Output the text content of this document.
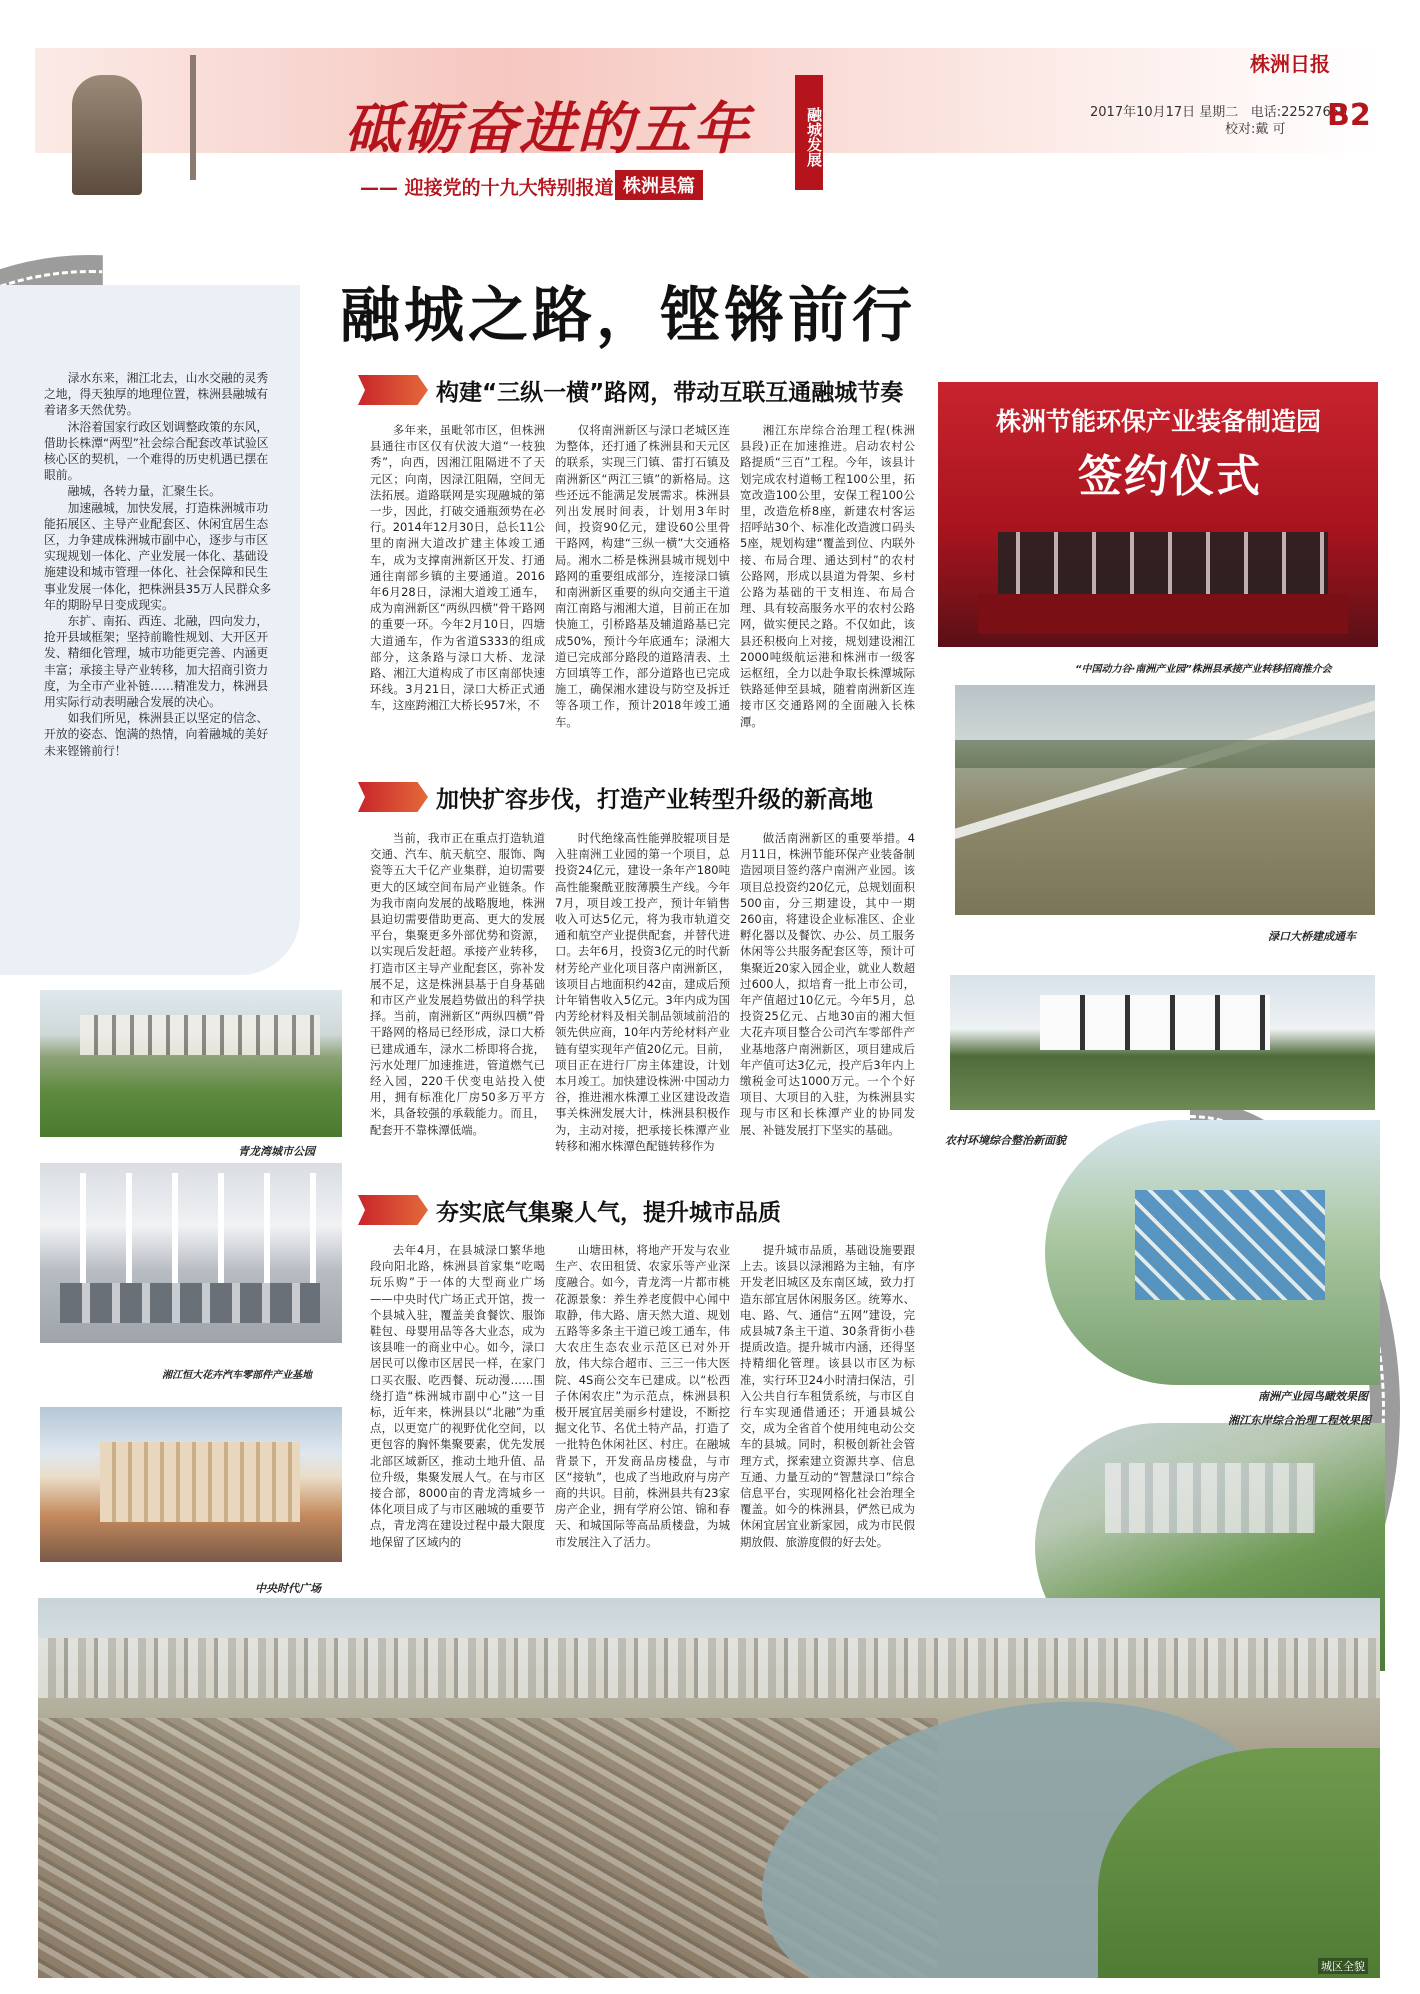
砥砺奋进的五年
—— 迎接党的十九大特别报道 株洲县篇
融城发展
株洲日报
2017年10月17日 星期二 电话:22527655
校对:戴 可 B2
融城之路，铿锵前行

渌水东来，湘江北去，山水交融的灵秀之地，得天独厚的地理位置，株洲县融城有着诸多天然优势。

沐浴着国家行政区划调整政策的东风，借助长株潭“两型”社会综合配套改革试验区核心区的契机，一个难得的历史机遇已摆在眼前。

融城，各转力量，汇聚生长。

加速融城，加快发展，打造株洲城市功能拓展区、主导产业配套区、休闲宜居生态区，力争建成株洲城市副中心，逐步与市区实现规划一体化、产业发展一体化、基础设施建设和城市管理一体化、社会保障和民生事业发展一体化，把株洲县35万人民群众多年的期盼早日变成现实。

东扩、南拓、西连、北融，四向发力，抢开县域框架；坚持前瞻性规划、大开区开发、精细化管理，城市功能更完善、内涵更丰富；承接主导产业转移，加大招商引资力度，为全市产业补链……精准发力，株洲县用实际行动表明融合发展的决心。

如我们所见，株洲县正以坚定的信念、开放的姿态、饱满的热情，向着融城的美好未来铿锵前行！

构建“三纵一横”路网，带动互联互通融城节奏

多年来，虽毗邻市区，但株洲县通往市区仅有伏波大道“一枝独秀”，向西，因湘江阻隔进不了天元区；向南，因渌江阻隔，空间无法拓展。道路联网是实现融城的第一步，因此，打破交通瓶颈势在必行。2014年12月30日，总长11公里的南洲大道改扩建主体竣工通车，成为支撑南洲新区开发、打通通往南部乡镇的主要通道。2016年6月28日，渌湘大道竣工通车，成为南洲新区“两纵四横”骨干路网的重要一环。今年2月10日，四塘大道通车，作为省道S333的组成部分，这条路与渌口大桥、龙渌路、湘江大道构成了市区南部快速环线。3月21日，渌口大桥正式通车，这座跨湘江大桥长957米，不

仅将南洲新区与渌口老城区连为整体，还打通了株洲县和天元区的联系，实现三门镇、雷打石镇及南洲新区“两江三镇”的新格局。这些还远不能满足发展需求。株洲县列出发展时间表，计划用3年时间，投资90亿元，建设60公里骨干路网，构建“三纵一横”大交通格局。湘水二桥是株洲县城市规划中路网的重要组成部分，连接渌口镇和南洲新区重要的纵向交通主干道南江南路与湘湘大道，目前正在加快施工，引桥路基及辅道路基已完成50%，预计今年底通车；渌湘大道已完成部分路段的道路清表、土方回填等工作，部分道路也已完成施工，确保湘水建设与防空及拆迁等各项工作，预计2018年竣工通车。

湘江东岸综合治理工程(株洲县段)正在加速推进。启动农村公路提质“三百”工程。今年，该县计划完成农村道畅工程100公里，拓宽改造100公里，安保工程100公里，改造危桥8座，新建农村客运招呼站30个、标准化改造渡口码头5座，规划构建“覆盖到位、内联外接、布局合理、通达到村”的农村公路网，形成以县道为骨架、乡村公路为基础的干支相连、布局合理、具有较高服务水平的农村公路网，做实便民之路。不仅如此，该县还积极向上对接，规划建设湘江2000吨级航运港和株洲市一级客运枢纽，全力以赴争取长株潭城际铁路延伸至县城，随着南洲新区连接市区交通路网的全面融入长株潭。

加快扩容步伐，打造产业转型升级的新高地

当前，我市正在重点打造轨道交通、汽车、航天航空、服饰、陶瓷等五大千亿产业集群，迫切需要更大的区域空间布局产业链条。作为我市南向发展的战略腹地，株洲县迫切需要借助更高、更大的发展平台，集聚更多外部优势和资源，以实现后发赶超。承接产业转移，打造市区主导产业配套区，弥补发展不足，这是株洲县基于自身基础和市区产业发展趋势做出的科学抉择。当前，南洲新区“两纵四横”骨干路网的格局已经形成，渌口大桥已建成通车，渌水二桥即将合拢，污水处理厂加速推进，管道燃气已经入园，220千伏变电站投入使用，拥有标准化厂房50多万平方米，具备较强的承载能力。而且，配套开不靠株潭低端。

时代绝缘高性能弹胶辊项目是入驻南洲工业园的第一个项目，总投资24亿元，建设一条年产180吨高性能聚酰亚胺薄膜生产线。今年7月，项目竣工投产，预计年销售收入可达5亿元，将为我市轨道交通和航空产业提供配套，并替代进口。去年6月，投资3亿元的时代新材芳纶产业化项目落户南洲新区，该项目占地面积约42亩，建成后预计年销售收入5亿元。3年内成为国内芳纶材料及相关制品领域前沿的领先供应商，10年内芳纶材料产业链有望实现年产值20亿元。目前，项目正在进行厂房主体建设，计划本月竣工。加快建设株洲·中国动力谷，推进湘水株潭工业区建设改造事关株洲发展大计，株洲县积极作为，主动对接，把承接长株潭产业转移和湘水株潭色配链转移作为

做活南洲新区的重要举措。4月11日，株洲节能环保产业装备制造园项目签约落户南洲产业园。该项目总投资约20亿元，总规划面积500亩，分三期建设，其中一期260亩，将建设企业标准区、企业孵化器以及餐饮、办公、员工服务休闲等公共服务配套区等，预计可集聚近20家入园企业，就业人数超过600人，拟培育一批上市公司，年产值超过10亿元。今年5月，总投资25亿元、占地30亩的湘大恒大花卉项目整合公司汽车零部件产业基地落户南洲新区，项目建成后年产值可达3亿元，投产后3年内上缴税金可达1000万元。一个个好项目、大项目的入驻，为株洲县实现与市区和长株潭产业的协同发展、补链发展打下坚实的基础。

夯实底气集聚人气，提升城市品质

去年4月，在县城渌口繁华地段向阳北路，株洲县首家集“吃喝玩乐购”于一体的大型商业广场——中央时代广场正式开馆，拨一个县城入驻，覆盖美食餐饮、服饰鞋包、母婴用品等各大业态，成为该县唯一的商业中心。如今，渌口居民可以像市区居民一样，在家门口买衣服、吃西餐、玩动漫……围绕打造“株洲城市副中心”这一目标，近年来，株洲县以“北融”为重点，以更宽广的视野优化空间，以更包容的胸怀集聚要素，优先发展北部区域新区，推动土地升值、品位升级，集聚发展人气。在与市区接合部，8000亩的青龙湾城乡一体化项目成了与市区融城的重要节点，青龙湾在建设过程中最大限度地保留了区域内的

山塘田林，将地产开发与农业生产、农田租赁、农家乐等产业深度融合。如今，青龙湾一片都市桃花源景象：养生养老度假中心闻中取静，伟大路、唐天然大道、规划五路等多条主干道已竣工通车，伟大农庄生态农业示范区已对外开放，伟大综合超市、三三一伟大医院、4S商公交车已建成。以“松西子休闲农庄”为示范点，株洲县积极开展宜居美丽乡村建设，不断挖掘文化节、名优土特产品，打造了一批特色休闲社区、村庄。在融城背景下，开发商品房楼盘，与市区“接轨”，也成了当地政府与房产商的共识。目前，株洲县共有23家房产企业，拥有学府公馆、锦和春天、和城国际等高品质楼盘，为城市发展注入了活力。

提升城市品质，基础设施要跟上去。该县以渌湘路为主轴，有序开发老旧城区及东南区域，致力打造东部宜居休闲服务区。统筹水、电、路、气、通信“五网”建设，完成县城7条主干道、30条背街小巷提质改造。提升城市内涵，还得坚持精细化管理。该县以市区为标准，实行环卫24小时清扫保洁，引入公共自行车租赁系统，与市区自行车实现通借通还；开通县城公交，成为全省首个使用纯电动公交车的县城。同时，积极创新社会管理方式，探索建立资源共享、信息互通、力量互动的“智慧渌口”综合信息平台，实现网格化社会治理全覆盖。如今的株洲县，俨然已成为休闲宜居宜业新家园，成为市民假期放假、旅游度假的好去处。

株洲节能环保产业装备制造园
签约仪式
“中国动力谷·南洲产业园”株洲县承接产业转移招商推介会
渌口大桥建成通车
农村环境综合整治新面貌
南洲产业园鸟瞰效果图
湘江东岸综合治理工程效果图
青龙湾城市公园
湘江恒大花卉汽车零部件产业基地
中央时代广场
城区全貌
